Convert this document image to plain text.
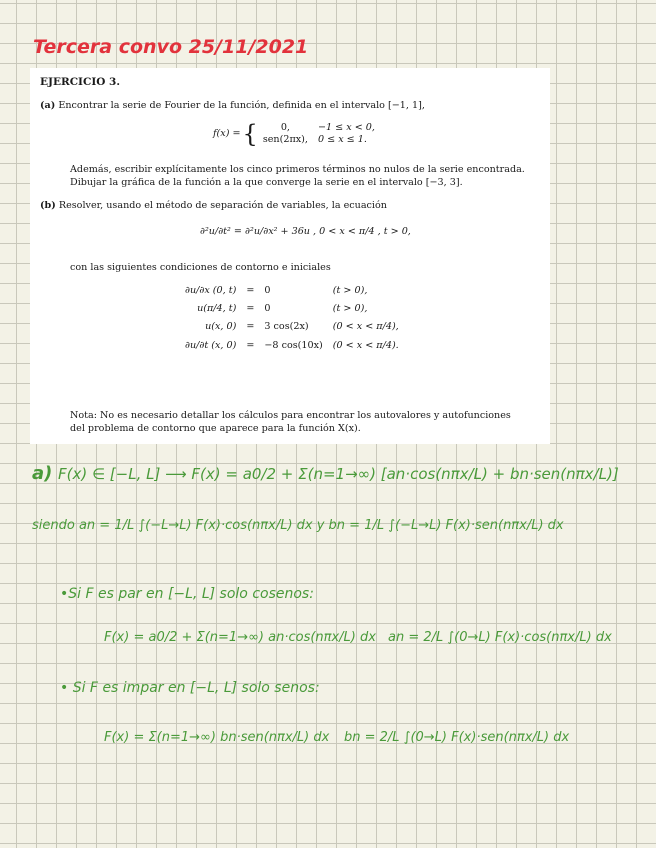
Tercera convo 25/11/2021
EJERCICIO 3.
(a) Encontrar la serie de Fourier de la función, definida en el intervalo [−1, 1],
f(x) =	{	0,	−1 ≤ x < 0,
		sen(2πx),	0 ≤ x ≤ 1.
Además, escribir explícitamente los cinco primeros términos no nulos de la serie encontrada.
Dibujar la gráfica de la función a la que converge la serie en el intervalo [−3, 3].
(b) Resolver, usando el método de separación de variables, la ecuación
∂²u/∂t² = ∂²u/∂x² + 36u , 0 < x < π/4 , t > 0,
con las siguientes condiciones de contorno e iniciales
∂u/∂x (0, t)	=	0	(t > 0),
u(π/4, t)	=	0	(t > 0),
u(x, 0)	=	3 cos(2x)	(0 < x < π/4),
∂u/∂t (x, 0)	=	−8 cos(10x)	(0 < x < π/4).
Nota: No es necesario detallar los cálculos para encontrar los autovalores y autofunciones
del problema de contorno que aparece para la función X(x).
a) F(x) ∈ [−L, L] ⟶ F(x) = a0/2 + Σ(n=1→∞) [an·cos(nπx/L) + bn·sen(nπx/L)]
siendo an = 1/L ∫(−L→L) F(x)·cos(nπx/L) dx y bn = 1/L ∫(−L→L) F(x)·sen(nπx/L) dx
•Si F es par en [−L, L] solo cosenos:
F(x) = a0/2 + Σ(n=1→∞) an·cos(nπx/L) dx an = 2/L ∫(0→L) F(x)·cos(nπx/L) dx
• Si F es impar en [−L, L] solo senos:
F(x) = Σ(n=1→∞) bn·sen(nπx/L) dx bn = 2/L ∫(0→L) F(x)·sen(nπx/L) dx
